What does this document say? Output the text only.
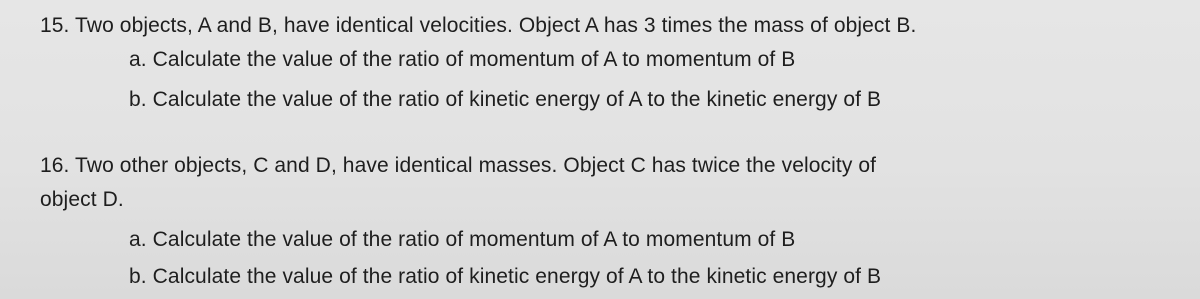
15. Two objects, A and B, have identical velocities. Object A has 3 times the mass of object B.
a. Calculate the value of the ratio of momentum of A to momentum of B
b. Calculate the value of the ratio of kinetic energy of A to the kinetic energy of B
16. Two other objects, C and D, have identical masses. Object C has twice the velocity of
object D.
a. Calculate the value of the ratio of momentum of A to momentum of B
b. Calculate the value of the ratio of kinetic energy of A to the kinetic energy of B
